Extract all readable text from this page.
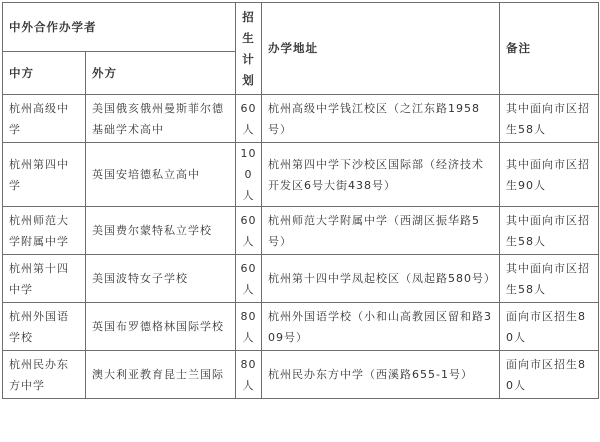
中外合作办学者		招生计划	办学地址	备注
中方	外方			
杭州高级中学	美国俄亥俄州曼斯菲尔德基础学术高中	60人	杭州高级中学钱江校区（之江东路1958号）	其中面向市区招生58人
杭州第四中学	英国安培德私立高中	100人	杭州第四中学下沙校区国际部（经济技术开发区6号大街438号）	其中面向市区招生90人
杭州师范大学附属中学	美国费尔蒙特私立学校	60人	杭州师范大学附属中学（西湖区振华路5号）	其中面向市区招生58人
杭州第十四中学	美国波特女子学校	60人	杭州第十四中学凤起校区（凤起路580号）	其中面向市区招生58人
杭州外国语学校	英国布罗德格林国际学校	80人	杭州外国语学校（小和山高教园区留和路309号）	面向市区招生80人
杭州民办东方中学	澳大利亚教育昆士兰国际	80人	杭州民办东方中学（西溪路655-1号）	面向市区招生80人
